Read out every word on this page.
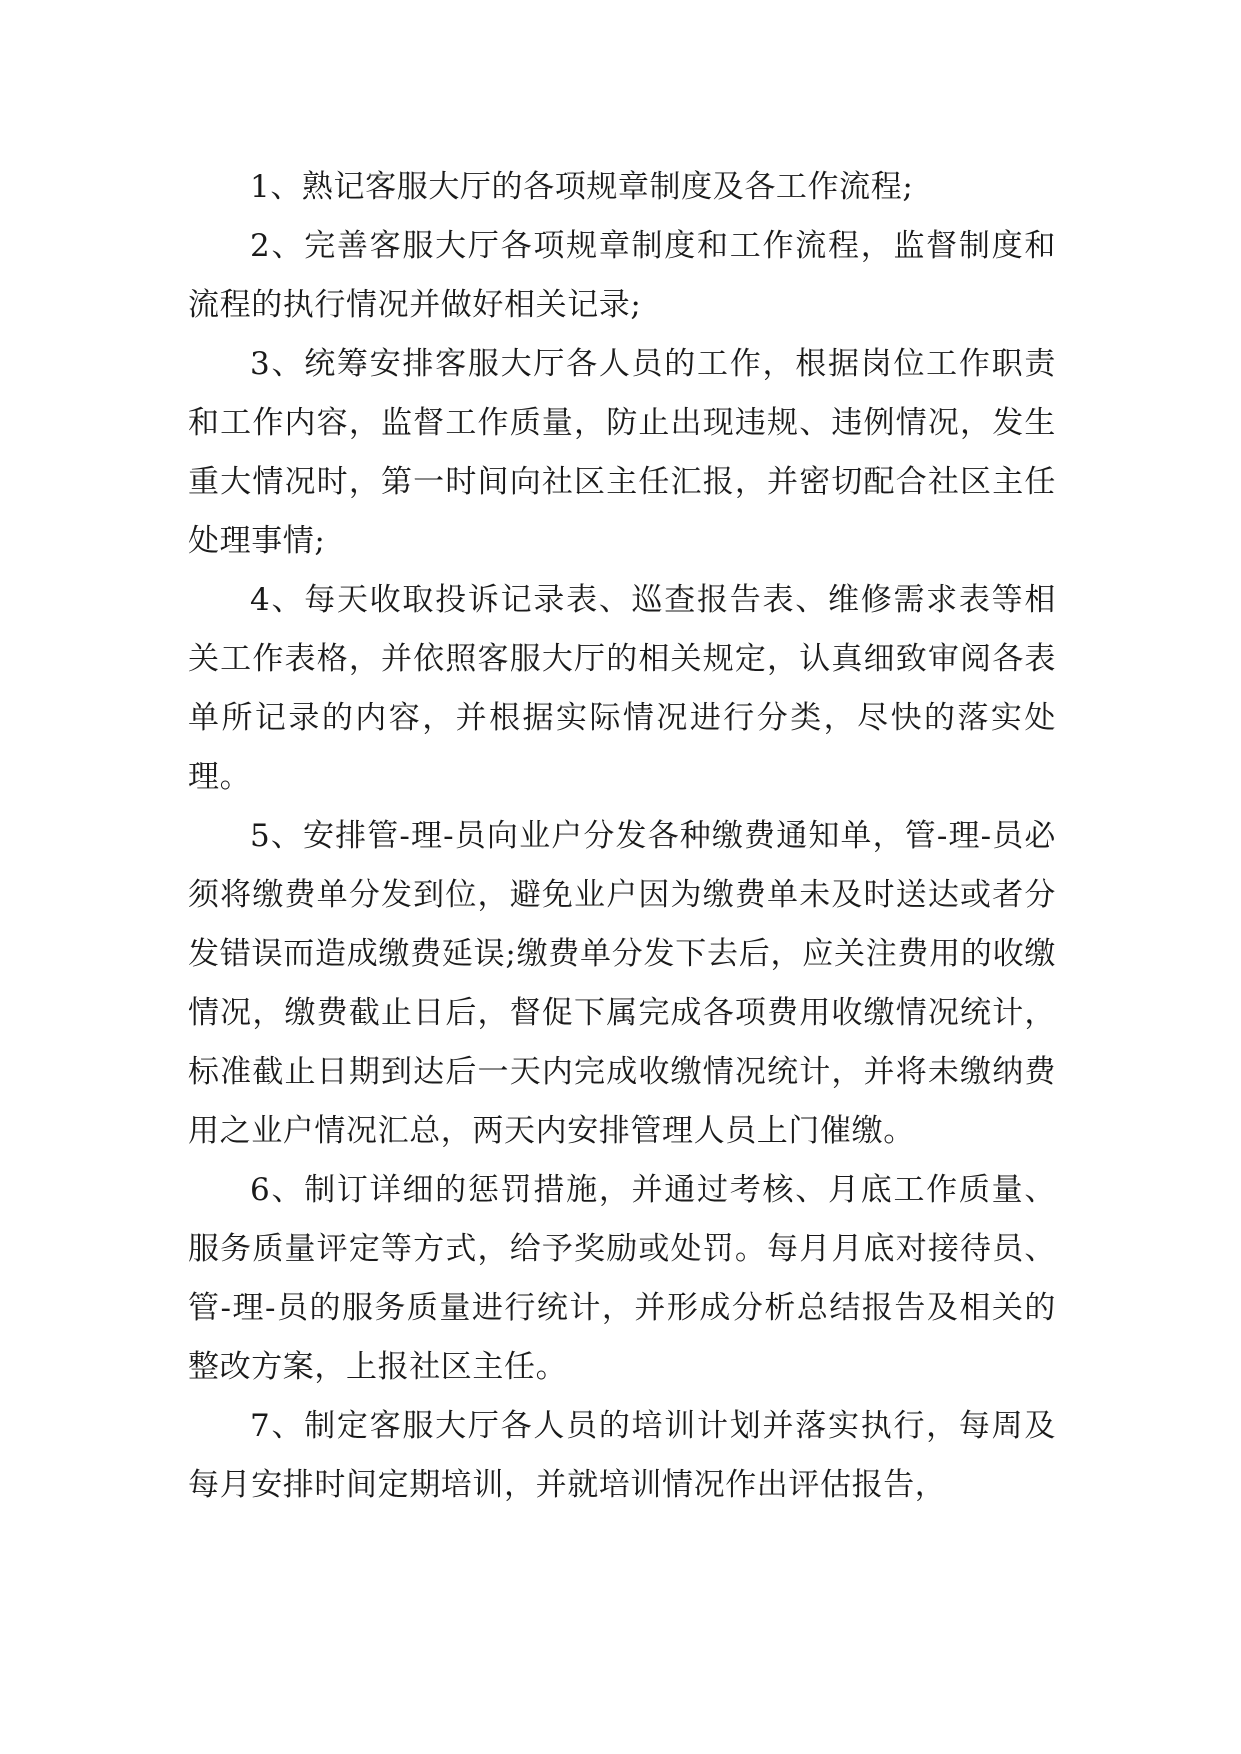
1、熟记客服大厅的各项规章制度及各工作流程;

2、完善客服大厅各项规章制度和工作流程，监督制度和流程的执行情况并做好相关记录;

3、统筹安排客服大厅各人员的工作，根据岗位工作职责和工作内容，监督工作质量，防止出现违规、违例情况，发生重大情况时，第一时间向社区主任汇报，并密切配合社区主任处理事情;

4、每天收取投诉记录表、巡查报告表、维修需求表等相关工作表格，并依照客服大厅的相关规定，认真细致审阅各表单所记录的内容，并根据实际情况进行分类，尽快的落实处理。

5、安排管-理-员向业户分发各种缴费通知单，管-理-员必须将缴费单分发到位，避免业户因为缴费单未及时送达或者分发错误而造成缴费延误;缴费单分发下去后，应关注费用的收缴情况，缴费截止日后，督促下属完成各项费用收缴情况统计，标准截止日期到达后一天内完成收缴情况统计，并将未缴纳费用之业户情况汇总，两天内安排管理人员上门催缴。

6、制订详细的惩罚措施，并通过考核、月底工作质量、服务质量评定等方式，给予奖励或处罚。每月月底对接待员、管-理-员的服务质量进行统计，并形成分析总结报告及相关的整改方案，上报社区主任。

7、制定客服大厅各人员的培训计划并落实执行，每周及每月安排时间定期培训，并就培训情况作出评估报告，
